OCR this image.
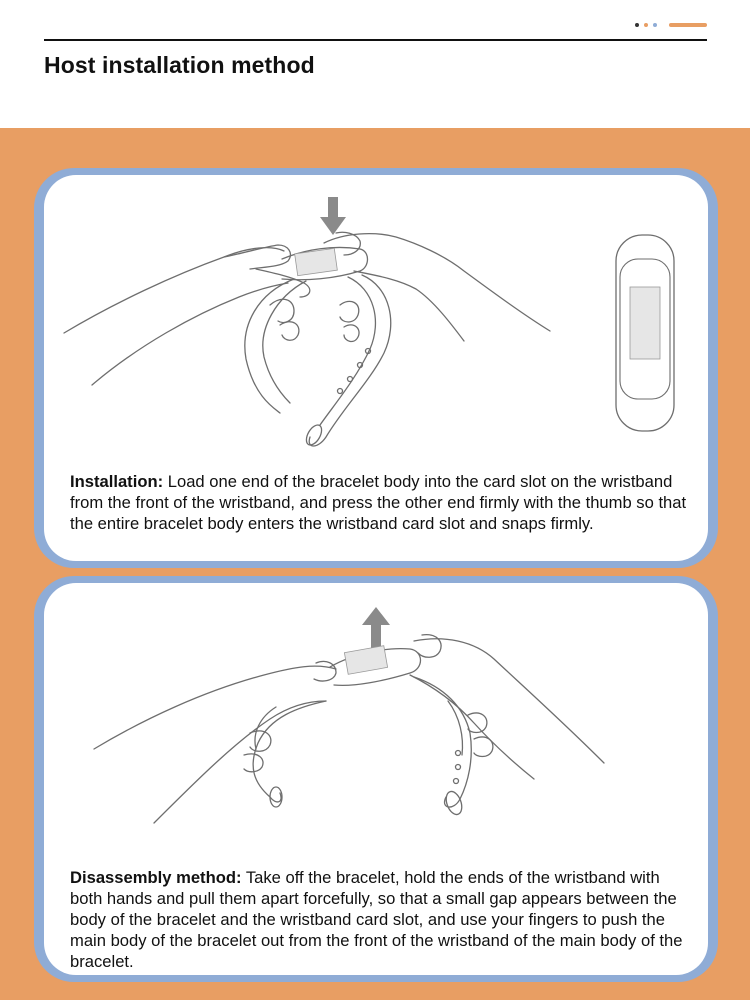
Host installation method
Installation: Load one end of the bracelet body into the card slot on the wristband from the front of the wristband, and press the other end firmly with the thumb so that the entire bracelet body enters the wristband card slot and snaps firmly.
Disassembly method: Take off the bracelet, hold the ends of the wristband with both hands and pull them apart forcefully, so that a small gap appears between the body of the bracelet and the wristband card slot, and use your fingers to push the main body of the bracelet out from the front of the wristband of the main body of the bracelet.
